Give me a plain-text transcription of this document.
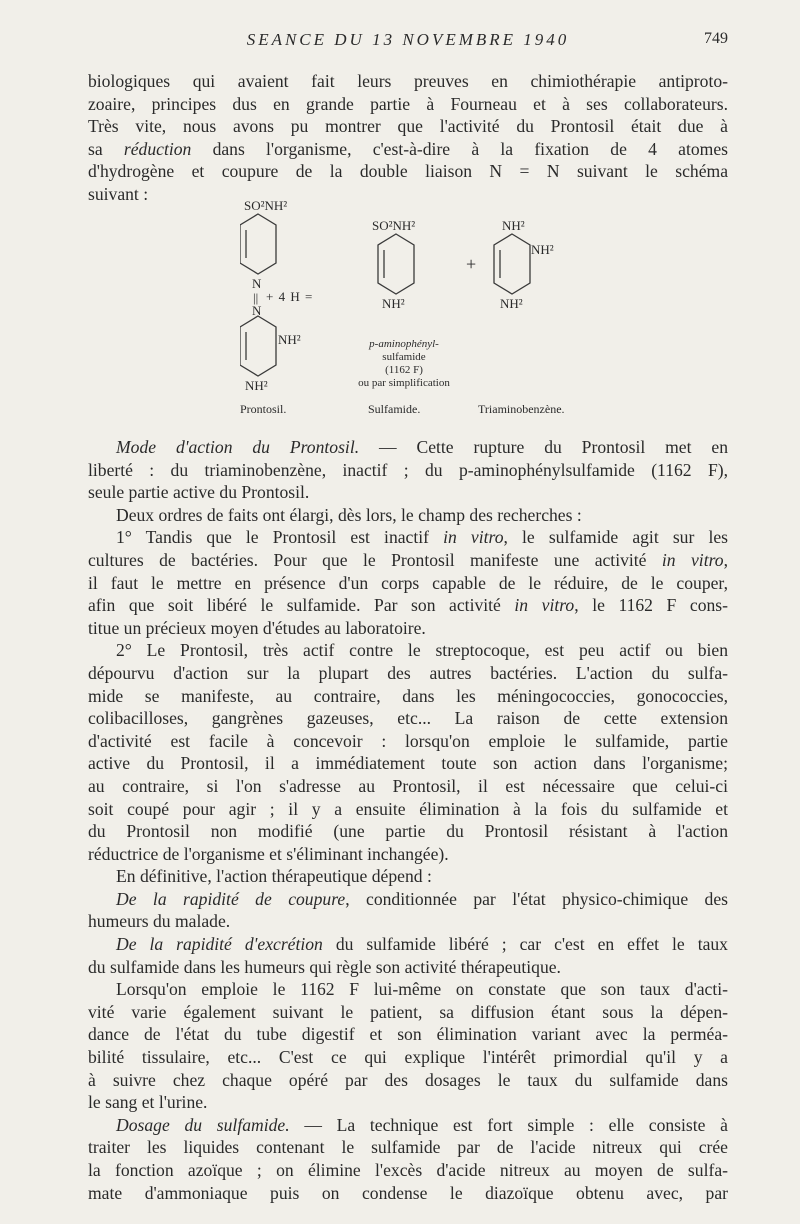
SEANCE DU 13 NOVEMBRE 1940	749
biologiques qui avaient fait leurs preuves en chimiothérapie antiproto-
zoaire, principes dus en grande partie à Fourneau et à ses collaborateurs.
Très vite, nous avons pu montrer que l'activité du Prontosil était due à
sa réduction dans l'organisme, c'est-à-dire à la fixation de 4 atomes
d'hydrogène et coupure de la double liaison N = N suivant le schéma
suivant :
SO²NH²
N
|| + 4 H =
N
NH²
NH²
SO²NH²
NH²
+
NH²
NH²
NH²
p-aminophényl-
sulfamide
(1162 F)
ou par simplification
Prontosil.	Sulfamide.	Triaminobenzène.
Mode d'action du Prontosil. — Cette rupture du Prontosil met en
liberté : du triaminobenzène, inactif ; du p-aminophénylsulfamide (1162 F),
seule partie active du Prontosil.
Deux ordres de faits ont élargi, dès lors, le champ des recherches :
1° Tandis que le Prontosil est inactif in vitro, le sulfamide agit sur les
cultures de bactéries. Pour que le Prontosil manifeste une activité in vitro,
il faut le mettre en présence d'un corps capable de le réduire, de le couper,
afin que soit libéré le sulfamide. Par son activité in vitro, le 1162 F cons-
titue un précieux moyen d'études au laboratoire.
2° Le Prontosil, très actif contre le streptocoque, est peu actif ou bien
dépourvu d'action sur la plupart des autres bactéries. L'action du sulfa-
mide se manifeste, au contraire, dans les méningococcies, gonococcies,
colibacilloses, gangrènes gazeuses, etc... La raison de cette extension
d'activité est facile à concevoir : lorsqu'on emploie le sulfamide, partie
active du Prontosil, il a immédiatement toute son action dans l'organisme;
au contraire, si l'on s'adresse au Prontosil, il est nécessaire que celui-ci
soit coupé pour agir ; il y a ensuite élimination à la fois du sulfamide et
du Prontosil non modifié (une partie du Prontosil résistant à l'action
réductrice de l'organisme et s'éliminant inchangée).
En définitive, l'action thérapeutique dépend :
De la rapidité de coupure, conditionnée par l'état physico-chimique des
humeurs du malade.
De la rapidité d'excrétion du sulfamide libéré ; car c'est en effet le taux
du sulfamide dans les humeurs qui règle son activité thérapeutique.
Lorsqu'on emploie le 1162 F lui-même on constate que son taux d'acti-
vité varie également suivant le patient, sa diffusion étant sous la dépen-
dance de l'état du tube digestif et son élimination variant avec la perméa-
bilité tissulaire, etc... C'est ce qui explique l'intérêt primordial qu'il y a
à suivre chez chaque opéré par des dosages le taux du sulfamide dans
le sang et l'urine.
Dosage du sulfamide. — La technique est fort simple : elle consiste à
traiter les liquides contenant le sulfamide par de l'acide nitreux qui crée
la fonction azoïque ; on élimine l'excès d'acide nitreux au moyen de sulfa-
mate d'ammoniaque puis on condense le diazoïque obtenu avec, par
